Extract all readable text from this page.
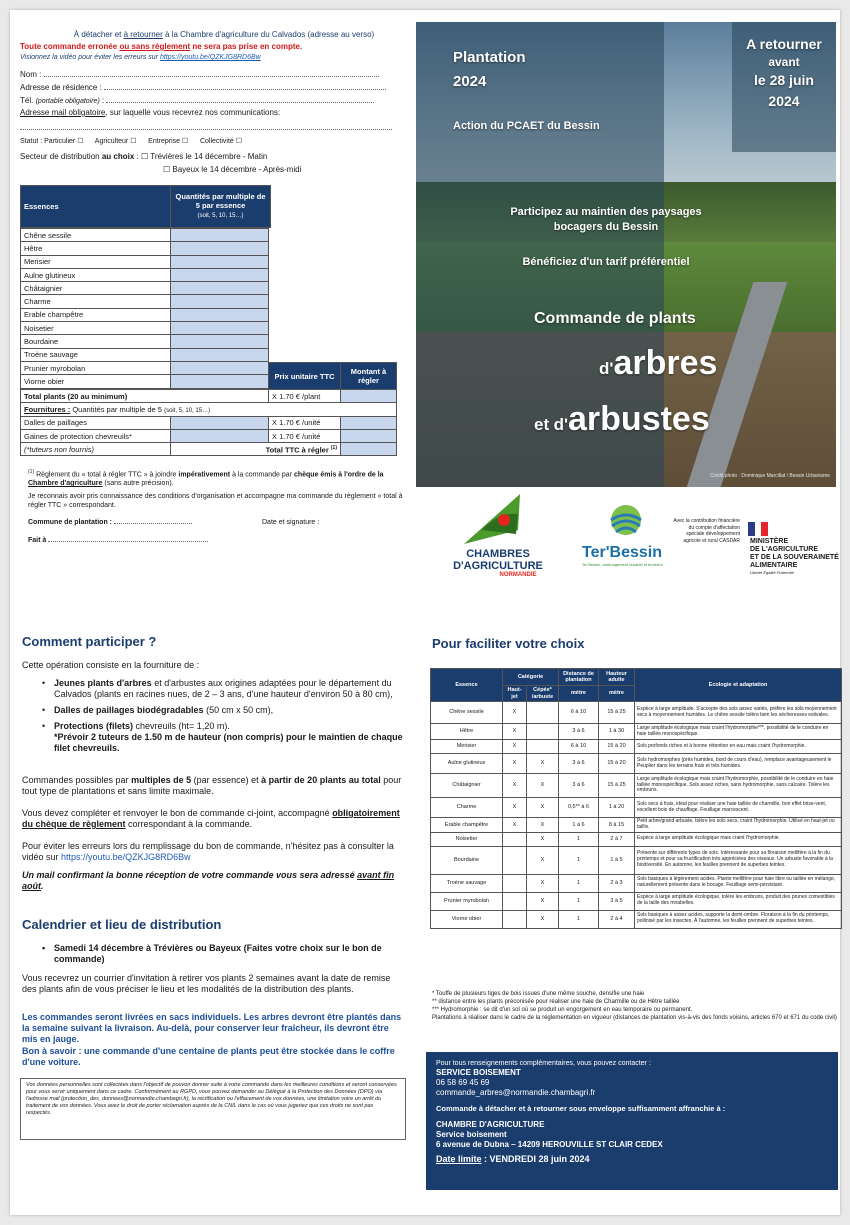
À détacher et à retourner à la Chambre d'agriculture du Calvados (adresse au verso)
Toute commande erronée ou sans règlement ne sera pas prise en compte.
Visionnez la vidéo pour éviter les erreurs sur https://youtu.be/QZKJG8RD6Bw
Nom :
Adresse de résidence :
Tél. (portable obligatoire) :
Adresse mail obligatoire, sur laquelle vous recevrez nos communications:
Statut : Particulier ☐ Agriculteur ☐ Entreprise ☐ Collectivité ☐
Secteur de distribution au choix : ☐ Trévières le 14 décembre - Matin
☐ Bayeux le 14 décembre - Après-midi
Essences	Quantités par multiple de 5 par essence
(soit, 5, 10, 15…)		
Chêne sessile	
Hêtre	
Merisier	
Aulne glutineux	
Châtaignier	
Charme	
Erable champêtre	
Noisetier	
Bourdaine	
Troène sauvage	
Prunier myrobolan	
Viorne obier	
Prix unitaire TTC	Montant à régler
Total plants (20 au minimum)		X 1.70 € /plant	
Fournitures : Quantités par multiple de 5 (soit, 5, 10, 15…)			
Dalles de paillages		X 1.70 € /unité	
Gaines de protection chevreuils*		X 1.70 € /unité	
(*tuteurs non fournis)	Total TTC à régler $^{(1)}$	
$^{(1)}$ Règlement du « total à régler TTC » à joindre impérativement à la commande par chèque émis à l'ordre de la Chambre d'agriculture (sans autre précision).
Je reconnais avoir pris connaissance des conditions d'organisation et accompagne ma commande du règlement « total à régler TTC » correspondant.
Commune de plantation :	Date et signature :
Fait à
Plantation
2024
Action du PCAET du Bessin
A retourner
avant
le 28 juin
2024
Participez au maintien des paysages
bocagers du Bessin
Bénéficiez d'un tarif préférentiel
Commande de plants
d'arbres
et d'arbustes
Crédit photo : Dominique Marcillat / Bessin Urbanisme
CHAMBRES
D'AGRICULTURE
NORMANDIE
Ter'Bessin
Ter'Bessin, aménagement durable et territoire
Avec la contribution financière du compte d'affectation spéciale développement agricole et rural CASDAR MINISTÈRE
DE L'AGRICULTURE
ET DE LA SOUVERAINETÉ
ALIMENTAIRE
Liberté Égalité Fraternité
Comment participer ?
Cette opération consiste en la fourniture de :
• Jeunes plants d'arbres et d'arbustes aux origines adaptées pour le département du Calvados (plants en racines nues, de 2 – 3 ans, d'une hauteur d'environ 50 à 80 cm),
• Dalles de paillages biodégradables (50 cm x 50 cm),
• Protections (filets) chevreuils (ht= 1,20 m).
*Prévoir 2 tuteurs de 1.50 m de hauteur (non compris) pour le maintien de chaque filet chevreuils.
Commandes possibles par multiples de 5 (par essence) et à partir de 20 plants au total pour tout type de plantations et sans limite maximale.
Vous devez compléter et renvoyer le bon de commande ci-joint, accompagné obligatoirement du chèque de règlement correspondant à la commande.
Pour éviter les erreurs lors du remplissage du bon de commande, n'hésitez pas à consulter la vidéo sur https://youtu.be/QZKJG8RD6Bw
Un mail confirmant la bonne réception de votre commande vous sera adressé avant fin août.
Calendrier et lieu de distribution
• Samedi 14 décembre à Trévières ou Bayeux (Faites votre choix sur le bon de commande)
Vous recevrez un courrier d'invitation à retirer vos plants 2 semaines avant la date de remise des plants afin de vous préciser le lieu et les modalités de la distribution des plants.
Les commandes seront livrées en sacs individuels. Les arbres devront être plantés dans la semaine suivant la livraison. Au-delà, pour conserver leur fraîcheur, ils devront être mis en jauge.
Bon à savoir : une commande d'une centaine de plants peut être stockée dans le coffre d'une voiture.
Vos données personnelles sont collectées dans l'objectif de pouvoir donner suite à votre commande dans les meilleures conditions et seront conservées pour vous servir uniquement dans ce cadre. Conformément au RGPD, vous pouvez demander au Délégué à la Protection des Données (DPO) via l'adresse mail (protection_des_donnees@normandie.chambagri.fr), la rectification ou l'effacement de vos données, une limitation voire un arrêt du traitement de vos données. Vous avez le droit de porter réclamation auprès de la CNIL dans le cas où vous jugeriez que ces droits ne sont pas respectés.
Pour faciliter votre choix
Essence	Catégorie		Distance de plantation	Hauteur adulte	Ecologie et adaptation
	Haut-jet	Cépée* /arbuste	mètre	mètre	
Chêne sessile	X		6 à 10	15 à 25	Espèce à large amplitude. S'accepte des sols assez variés, préfère les sols moyennement secs à moyennement humides. Le chêne sessile tolère bien les sécheresses estivales.
Hêtre	X		3 à 6	1 à 30	Large amplitude écologique mais craint l'hydromorphie***, possibilité de le conduire en haie taillée monospécifique.
Merisier	X		6 à 10	15 à 20	Sols profonds riches et à bonne rétention en eau mais craint l'hydromorphie.
Aulne glutineux	X	X	3 à 6	15 à 20	Sols hydromorphes (prés humides, bord de cours d'eau), remplace avantageusement le Peuplier dans les terrains frais et très humides.
Châtaignier	X	X	3 à 6	15 à 25	Large amplitude écologique mais craint l'hydromorphie, possibilité de le conduire en haie taillée monospécifique. Sols assez riches, sans hydromorphie, sans calcaire. Tolère les embruns.
Charme	X	X	0,5** à 6	1 à 20	Sols secs à frais, idéal pour réaliser une haie taillée de charmille, bon effet brise-vent, excellent bois de chauffage. Feuillage marcescent.
Erable champêtre	X	X	1 à 6	8 à 15	Petit arbre/grand arbuste, tolère les sols secs, craint l'hydromorphie. Utilisé en haut-jet ou taillis.
Noisetier		X	1	2 à 7	Espèce à large amplitude écologique mais craint l'hydromorphie.
Bourdaine		X	1	1 à 5	Présente sur différents types de sols. Intéressante pour sa floraison mellifère à la fin du printemps et pour sa fructification très appréciées des oiseaux. Un arbuste favorable à la biodiversité. En automne, les feuilles prennent de superbes teintes.
Troène sauvage		X	1	2 à 3	Sols basiques à légèrement acides. Plante mellifère pour haie libre ou taillée en mélange, naturellement présente dans le bocage. Feuillage semi-persistant.
Prunier myrobolan		X	1	3 à 5	Espèce à large amplitude écologique, tolère les embruns, produit des prunes comestibles de la taille des mirabelles.
Viorne obier		X	1	2 à 4	Sols basiques à assez acides, supporte la demi-ombre. Floraison à la fin du printemps, pollinisé par les insectes. À l'automne, les feuilles prennent de superbes teintes.
* Touffe de plusieurs tiges de bois issues d'une même souche, densifie une haie
** distance entre les plants préconisée pour réaliser une haie de Charmille ou de Hêtre taillée
*** Hydromorphie : se dit d'un sol où se produit un engorgement en eau temporaire ou permanent.
Plantations à réaliser dans le cadre de la réglementation en vigueur (distances de plantation vis-à-vis des fonds voisins, articles 670 et 671 du code civil)
Pour tous renseignements complémentaires, vous pouvez contacter :
SERVICE BOISEMENT
06 58 69 45 69
commande_arbres@normandie.chambagri.fr
Commande à détacher et à retourner sous enveloppe suffisamment affranchie à :
CHAMBRE D'AGRICULTURE
Service boisement
6 avenue de Dubna – 14209 HEROUVILLE ST CLAIR CEDEX
Date limite : VENDREDI 28 juin 2024
